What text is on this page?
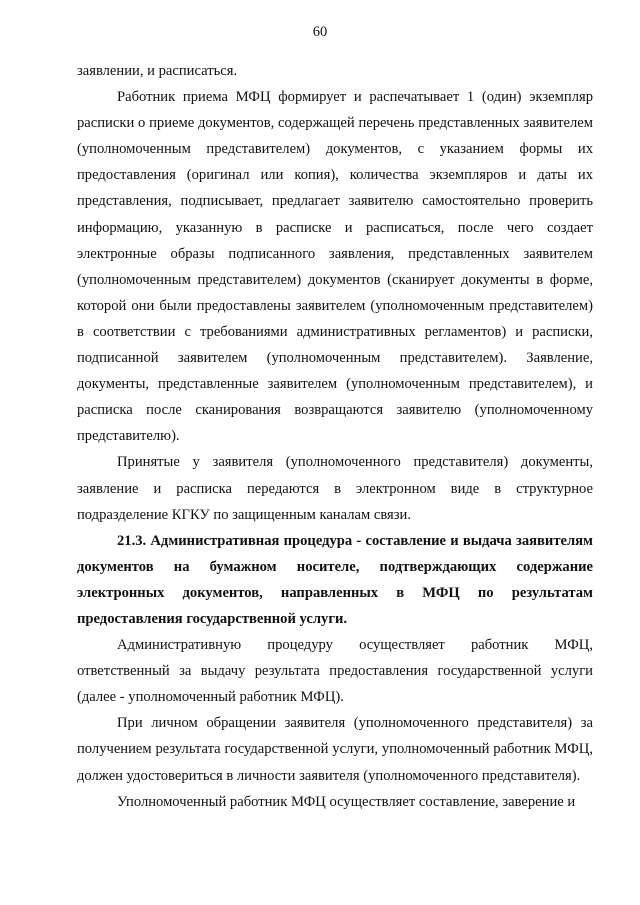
60

заявлении, и расписаться.

Работник приема МФЦ формирует и распечатывает 1 (один) экземпляр расписки о приеме документов, содержащей перечень представленных заявителем (уполномоченным представителем) документов, с указанием формы их предоставления (оригинал или копия), количества экземпляров и даты их представления, подписывает, предлагает заявителю самостоятельно проверить информацию, указанную в расписке и расписаться, после чего создает электронные образы подписанного заявления, представленных заявителем (уполномоченным представителем) документов (сканирует документы в форме, которой они были предоставлены заявителем (уполномоченным представителем) в соответствии с требованиями административных регламентов) и расписки, подписанной заявителем (уполномоченным представителем). Заявление, документы, представленные заявителем (уполномоченным представителем), и расписка после сканирования возвращаются заявителю (уполномоченному представителю).

Принятые у заявителя (уполномоченного представителя) документы, заявление и расписка передаются в электронном виде в структурное подразделение КГКУ по защищенным каналам связи.

21.3. Административная процедура - составление и выдача заявителям документов на бумажном носителе, подтверждающих содержание электронных документов, направленных в МФЦ по результатам предоставления государственной услуги.

Административную процедуру осуществляет работник МФЦ, ответственный за выдачу результата предоставления государственной услуги (далее - уполномоченный работник МФЦ).

При личном обращении заявителя (уполномоченного представителя) за получением результата государственной услуги, уполномоченный работник МФЦ, должен удостовериться в личности заявителя (уполномоченного представителя).

Уполномоченный работник МФЦ осуществляет составление, заверение и
